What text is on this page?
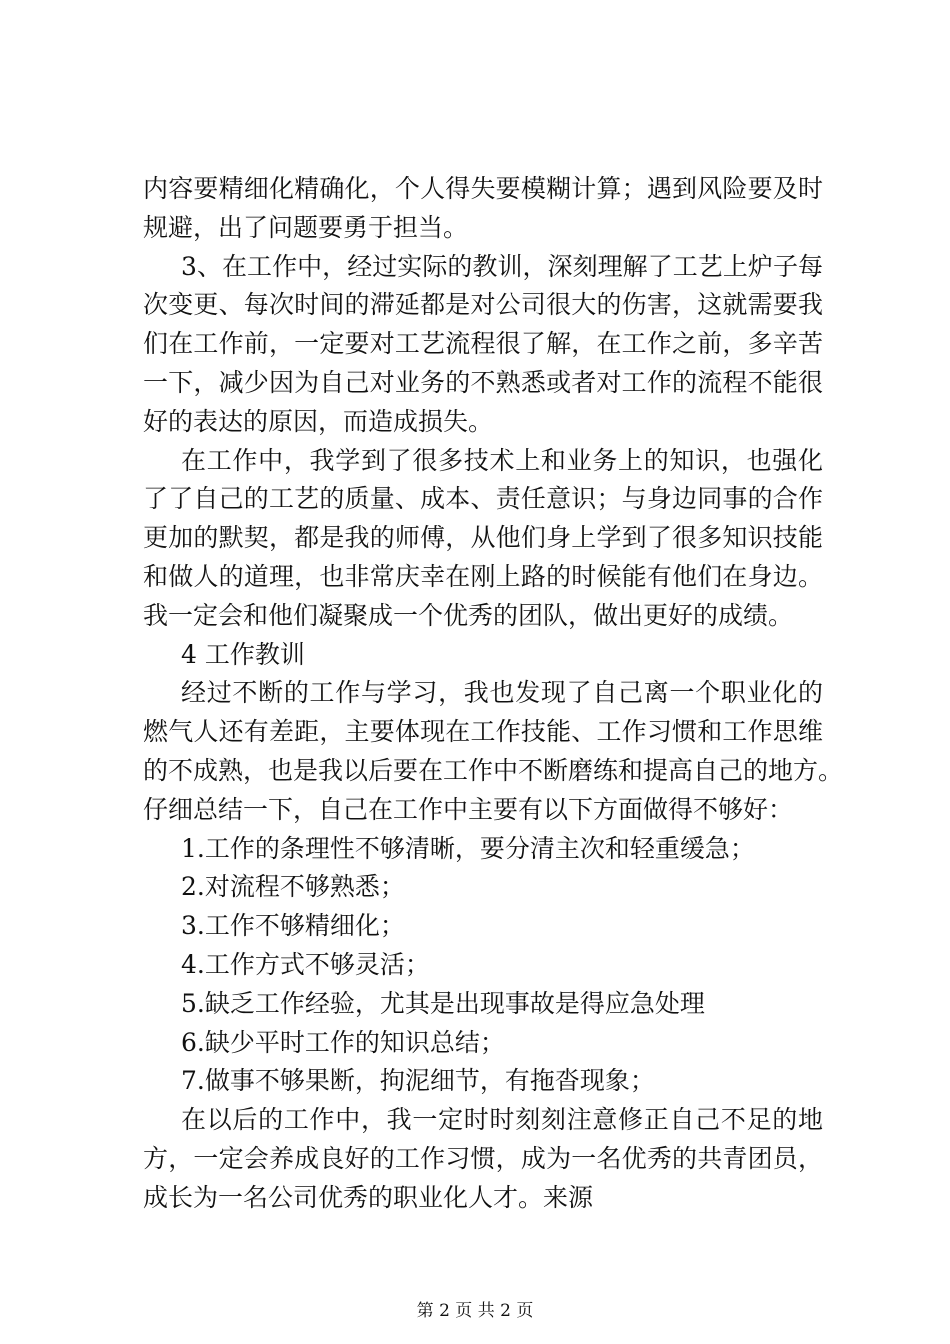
内容要精细化精确化，个人得失要模糊计算；遇到风险要及时
规避，出了问题要勇于担当。
3、在工作中，经过实际的教训，深刻理解了工艺上炉子每
次变更、每次时间的滞延都是对公司很大的伤害，这就需要我
们在工作前，一定要对工艺流程很了解，在工作之前，多辛苦
一下，减少因为自己对业务的不熟悉或者对工作的流程不能很
好的表达的原因，而造成损失。
在工作中，我学到了很多技术上和业务上的知识，也强化
了了自己的工艺的质量、成本、责任意识；与身边同事的合作
更加的默契，都是我的师傅，从他们身上学到了很多知识技能
和做人的道理，也非常庆幸在刚上路的时候能有他们在身边。
我一定会和他们凝聚成一个优秀的团队，做出更好的成绩。
4 工作教训
经过不断的工作与学习，我也发现了自己离一个职业化的
燃气人还有差距，主要体现在工作技能、工作习惯和工作思维
的不成熟，也是我以后要在工作中不断磨练和提高自己的地方。
仔细总结一下，自己在工作中主要有以下方面做得不够好：
1.工作的条理性不够清晰，要分清主次和轻重缓急；
2.对流程不够熟悉；
3.工作不够精细化；
4.工作方式不够灵活；
5.缺乏工作经验，尤其是出现事故是得应急处理
6.缺少平时工作的知识总结；
7.做事不够果断，拘泥细节，有拖沓现象；
在以后的工作中，我一定时时刻刻注意修正自己不足的地
方，一定会养成良好的工作习惯，成为一名优秀的共青团员，
成长为一名公司优秀的职业化人才。来源
第 2 页 共 2 页
